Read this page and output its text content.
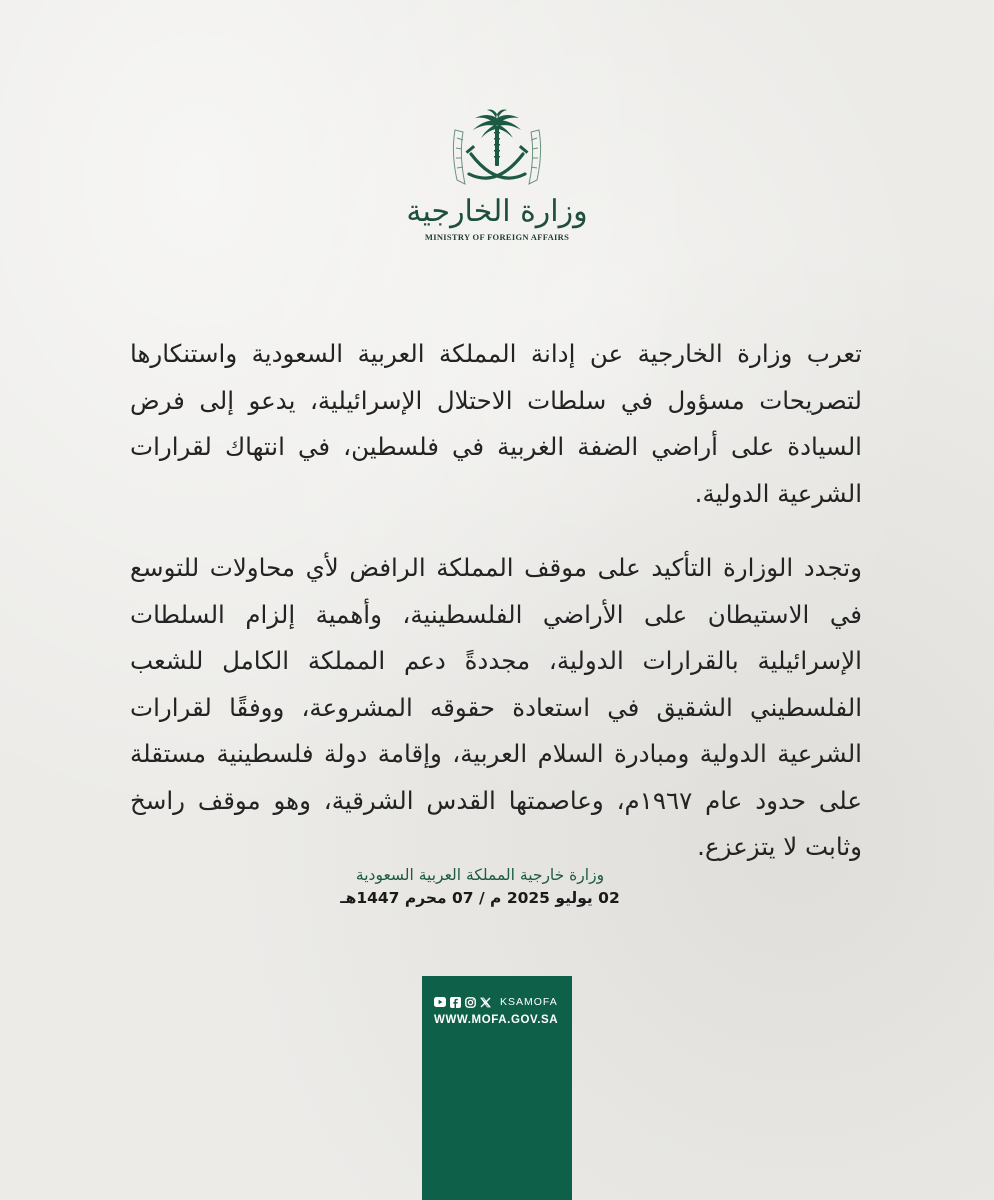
وزارة الخارجية
MINISTRY OF FOREIGN AFFAIRS

تعرب وزارة الخارجية عن إدانة المملكة العربية السعودية واستنكارها لتصريحات مسؤول في سلطات الاحتلال الإسرائيلية، يدعو إلى فرض السيادة على أراضي الضفة الغربية في فلسطين، في انتهاك لقرارات الشرعية الدولية.

وتجدد الوزارة التأكيد على موقف المملكة الرافض لأي محاولات للتوسع في الاستيطان على الأراضي الفلسطينية، وأهمية إلزام السلطات الإسرائيلية بالقرارات الدولية، مجددةً دعم المملكة الكامل للشعب الفلسطيني الشقيق في استعادة حقوقه المشروعة، ووفقًا لقرارات الشرعية الدولية ومبادرة السلام العربية، وإقامة دولة فلسطينية مستقلة على حدود عام ١٩٦٧م، وعاصمتها القدس الشرقية، وهو موقف راسخ وثابت لا يتزعزع.

وزارة خارجية المملكة العربية السعودية
02 يوليو 2025 م / 07 محرم 1447هـ
KSAMOFA
WWW.MOFA.GOV.SA
